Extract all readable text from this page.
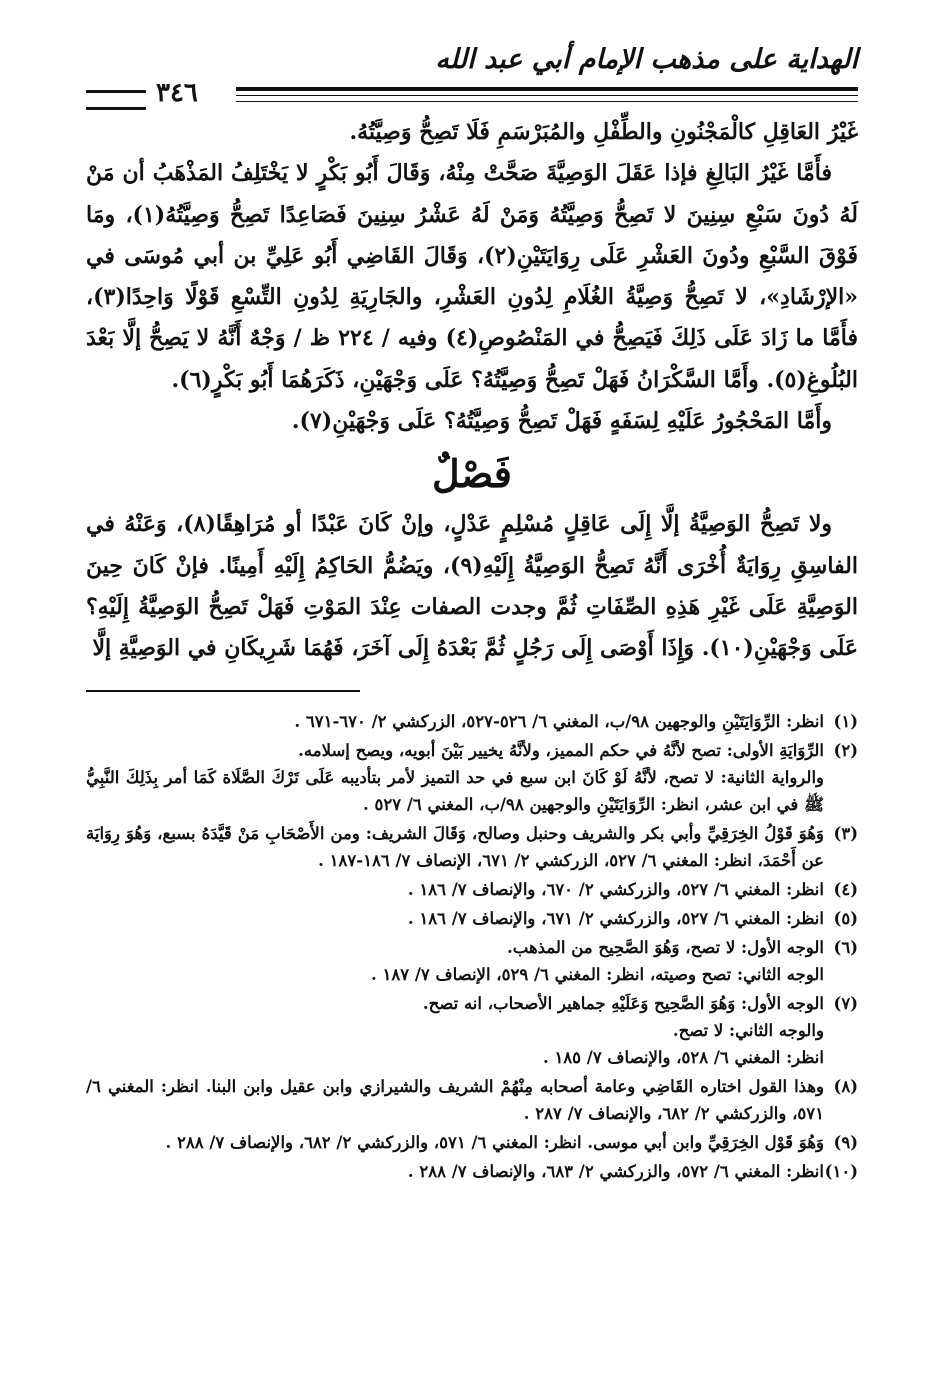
الهداية على مذهب الإمام أبي عبد الله
٣٤٦

غَيْرُ العَاقِلِ كالْمَجْنُونِ والطِّفْلِ والمُبَرْسَمِ فَلَا تَصِحُّ وَصِيَّتُهُ.

فأَمَّا غَيْرُ البَالِغِ فإذا عَقَلَ الوَصِيَّةَ صَحَّتْ مِنْهُ، وَقَالَ أَبُو بَكْرٍ لا يَخْتَلِفُ المَذْهَبُ أن مَنْ لَهُ دُونَ سَبْعِ سِنِينَ لا تَصِحُّ وَصِيَّتُهُ وَمَنْ لَهُ عَشْرُ سِنِينَ فَصَاعِدًا تَصِحُّ وَصِيَّتُهُ(١)، ومَا فَوْقَ السَّبْعِ ودُونَ العَشْرِ عَلَى رِوَايَتَيْنِ(٢)، وَقَالَ القَاضِي أَبُو عَلِيِّ بن أبي مُوسَى في «الإرْشَادِ»، لا تَصِحُّ وَصِيَّةُ الغُلَامِ لِدُونِ العَشْرِ، والجَارِيَةِ لِدُونِ التِّسْعِ قَوْلًا وَاحِدًا(٣)، فأَمَّا ما زَادَ عَلَى ذَلِكَ فَيَصِحُّ في المَنْصُوصِ(٤) وفيه / ٢٢٤ ظ / وَجْهٌ أَنَّهُ لا يَصِحُّ إلَّا بَعْدَ البُلُوغِ(٥). وأَمَّا السَّكْرَانُ فَهَلْ تَصِحُّ وَصِيَّتُهُ؟ عَلَى وَجْهَيْنِ، ذَكَرَهُمَا أَبُو بَكْرٍ(٦).

وأَمَّا المَحْجُورُ عَلَيْهِ لِسَفَهٍ فَهَلْ تَصِحُّ وَصِيَّتُهُ؟ عَلَى وَجْهَيْنِ(٧).

فَصْلٌ

ولا تَصِحُّ الوَصِيَّةُ إلَّا إِلَى عَاقِلٍ مُسْلِمٍ عَدْلٍ، وإنْ كَانَ عَبْدًا أو مُرَاهِقًا(٨)، وَعَنْهُ في الفاسِقِ رِوَايَةٌ أُخْرَى أَنَّهُ تَصِحُّ الوَصِيَّةُ إِلَيْهِ(٩)، ويَضُمُّ الحَاكِمُ إِلَيْهِ أَمِينًا. فإنْ كَانَ حِينَ الوَصِيَّةِ عَلَى غَيْرِ هَذِهِ الصِّفَاتِ ثُمَّ وجدت الصفات عِنْدَ المَوْتِ فَهَلْ تَصِحُّ الوَصِيَّةُ إِلَيْهِ؟ عَلَى وَجْهَيْنِ(١٠). وَإِذَا أَوْصَى إِلَى رَجُلٍ ثُمَّ بَعْدَهُ إِلَى آخَرَ، فَهُمَا شَرِيكَانِ في الوَصِيَّةِ إلَّا

(١)
انظر: الرِّوَايَتَيْنِ والوجهين ٩٨/ب، المغني ٦/ ٥٢٦-٥٢٧، الزركشي ٢/ ٦٧٠-٦٧١ .
(٢)
الرِّوَايَةِ الأولى: تصح لأنَّهُ في حكم المميز، ولأنَّهُ يخيير بَيْنَ أبويه، ويصح إسلامه.
والرواية الثانية: لا تصح، لأنَّهُ لَوْ كَانَ ابن سبع في حد التميز لأمر بتأديبه عَلَى تَرْكَ الصَّلَاة كَمَا أمر بِذَلِكَ النَّبِيُّ ﷺ في ابن عشر، انظر: الرِّوَايَتَيْنِ والوجهين ٩٨/ب، المغني ٦/ ٥٢٧ .
(٣)
وَهُوَ قَوْلُ الخِرَقِيِّ وأبي بكر والشريف وحنبل وصالح، وَقَالَ الشريف: ومن الأَصْحَابِ مَنْ قَيَّدَهُ بسبع، وَهُوَ رِوَايَة عن أَحْمَدَ، انظر: المغني ٦/ ٥٢٧، الزركشي ٢/ ٦٧١، الإنصاف ٧/ ١٨٦-١٨٧ .
(٤)
انظر: المغني ٦/ ٥٢٧، والزركشي ٢/ ٦٧٠، والإنصاف ٧/ ١٨٦ .
(٥)
انظر: المغني ٦/ ٥٢٧، والزركشي ٢/ ٦٧١، والإنصاف ٧/ ١٨٦ .
(٦)
الوجه الأول: لا تصح، وَهُوَ الصَّحِيح من المذهب.
الوجه الثاني: تصح وصيته، انظر: المغني ٦/ ٥٢٩، الإنصاف ٧/ ١٨٧ .
(٧)
الوجه الأول: وَهُوَ الصَّحِيح وَعَلَيْهِ جماهير الأصحاب، انه تصح.
والوجه الثاني: لا تصح.
انظر: المغني ٦/ ٥٢٨، والإنصاف ٧/ ١٨٥ .
(٨)
وهذا القول اختاره القَاضِي وعامة أصحابه مِنْهُمْ الشريف والشيرازي وابن عقيل وابن البنا. انظر: المغني ٦/ ٥٧١، والزركشي ٢/ ٦٨٢، والإنصاف ٧/ ٢٨٧ .
(٩)
وَهُوَ قَوْل الخِرَقِيِّ وابن أبي موسى. انظر: المغني ٦/ ٥٧١، والزركشي ٢/ ٦٨٢، والإنصاف ٧/ ٢٨٨ .
(١٠)
انظر: المغني ٦/ ٥٧٢، والزركشي ٢/ ٦٨٣، والإنصاف ٧/ ٢٨٨ .
